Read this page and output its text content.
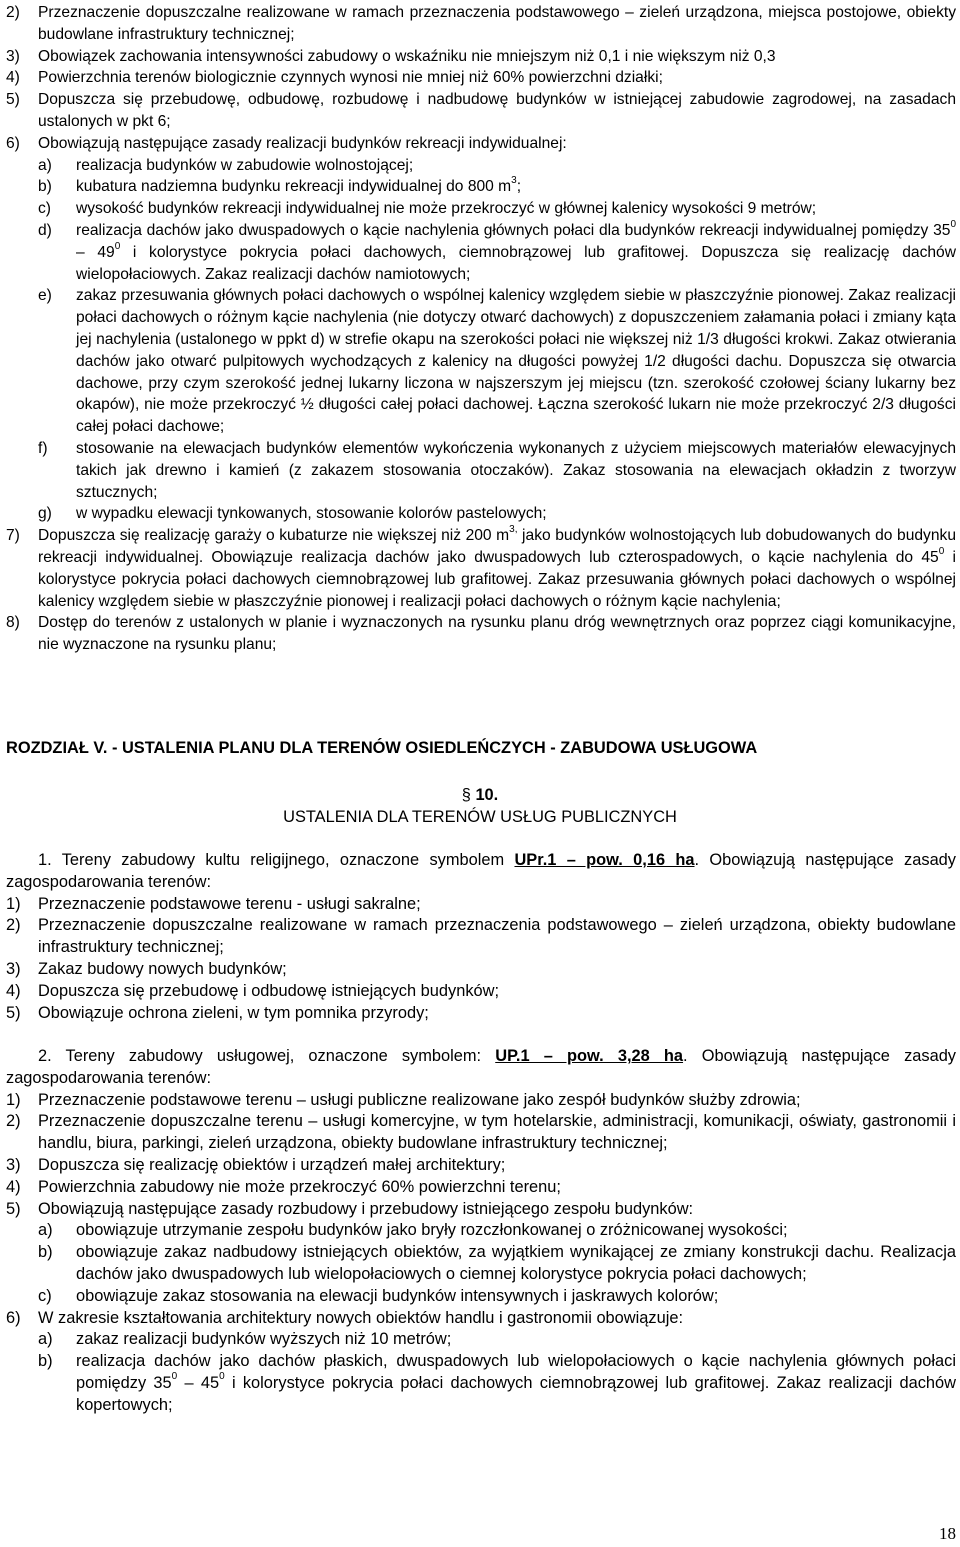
2) Przeznaczenie dopuszczalne realizowane w ramach przeznaczenia podstawowego – zieleń urządzona, miejsca postojowe, obiekty budowlane infrastruktury technicznej;
3) Obowiązek zachowania intensywności zabudowy o wskaźniku nie mniejszym niż 0,1 i nie większym niż 0,3
4) Powierzchnia terenów biologicznie czynnych wynosi nie mniej niż 60% powierzchni działki;
5) Dopuszcza się przebudowę, odbudowę, rozbudowę i nadbudowę budynków w istniejącej zabudowie zagrodowej, na zasadach ustalonych w pkt 6;
6) Obowiązują następujące zasady realizacji budynków rekreacji indywidualnej:
a) realizacja budynków w zabudowie wolnostojącej;
b) kubatura nadziemna budynku rekreacji indywidualnej do 800 $m^3$;
c) wysokość budynków rekreacji indywidualnej nie może przekroczyć w głównej kalenicy wysokości 9 metrów;
d) realizacja dachów jako dwuspadowych o kącie nachylenia głównych połaci dla budynków rekreacji indywidualnej pomiędzy $35^0 - 49^0$ i kolorystyce pokrycia połaci dachowych, ciemnobrązowej lub grafitowej. Dopuszcza się realizację dachów wielopołaciowych. Zakaz realizacji dachów namiotowych;
e) zakaz przesuwania głównych połaci dachowych o wspólnej kalenicy względem siebie w płaszczyźnie pionowej. Zakaz realizacji połaci dachowych o różnym kącie nachylenia (nie dotyczy otwarć dachowych) z dopuszczeniem załamania połaci i zmiany kąta jej nachylenia (ustalonego w ppkt d) w strefie okapu na szerokości połaci nie większej niż 1/3 długości krokwi. Zakaz otwierania dachów jako otwarć pulpitowych wychodzących z kalenicy na długości powyżej 1/2 długości dachu. Dopuszcza się otwarcia dachowe, przy czym szerokość jednej lukarny liczona w najszerszym jej miejscu (tzn. szerokość czołowej ściany lukarny bez okapów), nie może przekroczyć ½ długości całej połaci dachowej. Łączna szerokość lukarn nie może przekroczyć 2/3 długości całej połaci dachowe;
f) stosowanie na elewacjach budynków elementów wykończenia wykonanych z użyciem miejscowych materiałów elewacyjnych takich jak drewno i kamień (z zakazem stosowania otoczaków). Zakaz stosowania na elewacjach okładzin z tworzyw sztucznych;
g) w wypadku elewacji tynkowanych, stosowanie kolorów pastelowych;
7) Dopuszcza się realizację garaży o kubaturze nie większej niż 200 $m^{3,}$ jako budynków wolnostojących lub dobudowanych do budynku rekreacji indywidualnej. Obowiązuje realizacja dachów jako dwuspadowych lub czterospadowych, o kącie nachylenia do $45^0$ i kolorystyce pokrycia połaci dachowych ciemnobrązowej lub grafitowej. Zakaz przesuwania głównych połaci dachowych o wspólnej kalenicy względem siebie w płaszczyźnie pionowej i realizacji połaci dachowych o różnym kącie nachylenia;
8) Dostęp do terenów z ustalonych w planie i wyznaczonych na rysunku planu dróg wewnętrznych oraz poprzez ciągi komunikacyjne, nie wyznaczone na rysunku planu;
ROZDZIAŁ V. - USTALENIA PLANU DLA TERENÓW OSIEDLEŃCZYCH - ZABUDOWA USŁUGOWA
§ 10.
USTALENIA DLA TERENÓW USŁUG PUBLICZNYCH
1. Tereny zabudowy kultu religijnego, oznaczone symbolem UPr.1 – pow. 0,16 ha. Obowiązują następujące zasady zagospodarowania terenów:
1) Przeznaczenie podstawowe terenu - usługi sakralne;
2) Przeznaczenie dopuszczalne realizowane w ramach przeznaczenia podstawowego – zieleń urządzona, obiekty budowlane infrastruktury technicznej;
3) Zakaz budowy nowych budynków;
4) Dopuszcza się przebudowę i odbudowę istniejących budynków;
5) Obowiązuje ochrona zieleni, w tym pomnika przyrody;
2. Tereny zabudowy usługowej, oznaczone symbolem: UP.1 – pow. 3,28 ha. Obowiązują następujące zasady zagospodarowania terenów:
1) Przeznaczenie podstawowe terenu – usługi publiczne realizowane jako zespół budynków służby zdrowia;
2) Przeznaczenie dopuszczalne terenu – usługi komercyjne, w tym hotelarskie, administracji, komunikacji, oświaty, gastronomii i handlu, biura, parkingi, zieleń urządzona, obiekty budowlane infrastruktury technicznej;
3) Dopuszcza się realizację obiektów i urządzeń małej architektury;
4) Powierzchnia zabudowy nie może przekroczyć 60% powierzchni terenu;
5) Obowiązują następujące zasady rozbudowy i przebudowy istniejącego zespołu budynków:
a) obowiązuje utrzymanie zespołu budynków jako bryły rozczłonkowanej o zróżnicowanej wysokości;
b) obowiązuje zakaz nadbudowy istniejących obiektów, za wyjątkiem wynikającej ze zmiany konstrukcji dachu. Realizacja dachów jako dwuspadowych lub wielopołaciowych o ciemnej kolorystyce pokrycia połaci dachowych;
c) obowiązuje zakaz stosowania na elewacji budynków intensywnych i jaskrawych kolorów;
6) W zakresie kształtowania architektury nowych obiektów handlu i gastronomii obowiązuje:
a) zakaz realizacji budynków wyższych niż 10 metrów;
b) realizacja dachów jako dachów płaskich, dwuspadowych lub wielopołaciowych o kącie nachylenia głównych połaci pomiędzy $35^0 - 45^0$ i kolorystyce pokrycia połaci dachowych ciemnobrązowej lub grafitowej. Zakaz realizacji dachów kopertowych;
18
